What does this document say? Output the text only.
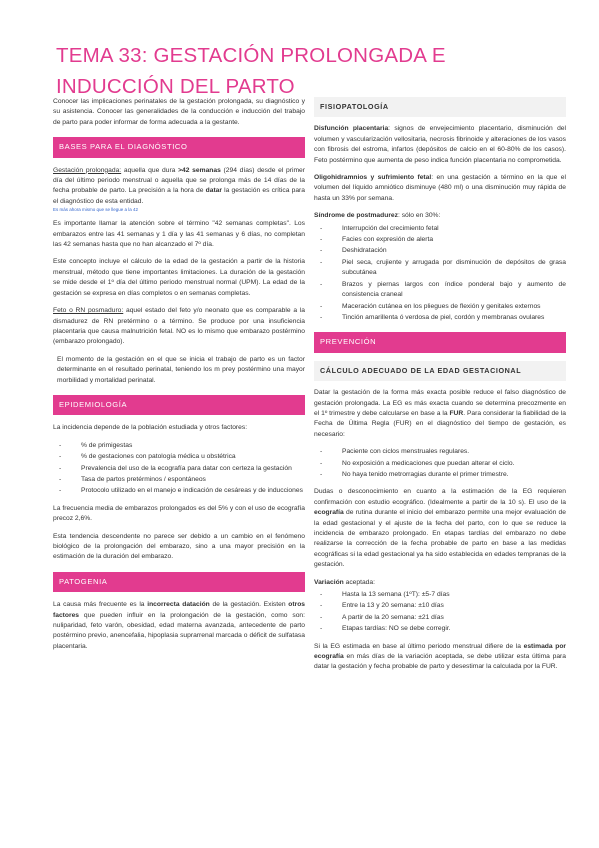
TEMA 33: GESTACIÓN PROLONGADA E INDUCCIÓN DEL PARTO

Conocer las implicaciones perinatales de la gestación prolongada, su diagnóstico y su asistencia. Conocer las generalidades de la conducción e inducción del trabajo de parto para poder informar de forma adecuada a la gestante.

BASES PARA EL DIAGNÓSTICO

Gestación prolongada: aquella que dura >42 semanas (294 días) desde el primer día del último periodo menstrual o aquella que se prolonga más de 14 días de la fecha probable de parto. La precisión a la hora de datar la gestación es crítica para el diagnóstico de esta entidad.

Es más ahora mismo que se llegue a la 42

Es importante llamar la atención sobre el término "42 semanas completas". Los embarazos entre las 41 semanas y 1 día y las 41 semanas y 6 días, no completan las 42 semanas hasta que no han alcanzado el 7º día.

Este concepto incluye el cálculo de la edad de la gestación a partir de la historia menstrual, método que tiene importantes limitaciones. La duración de la gestación se mide desde el 1º día del último periodo menstrual normal (UPM). La edad de la gestación se expresa en días completos o en semanas completas.

Feto o RN posmaduro: aquel estado del feto y/o neonato que es comparable a la dismadurez de RN pretérmino o a término. Se produce por una insuficiencia placentaria que causa malnutrición fetal. NO es lo mismo que embarazo postérmino (embarazo prolongado).

El momento de la gestación en el que se inicia el trabajo de parto es un factor determinante en el resultado perinatal, teniendo los m prey postérmino una mayor morbilidad y mortalidad perinatal.

EPIDEMIOLOGÍA

La incidencia depende de la población estudiada y otros factores:

- % de primigestas
- % de gestaciones con patología médica u obstétrica
- Prevalencia del uso de la ecografía para datar con certeza la gestación
- Tasa de partos pretérminos / espontáneos
- Protocolo utilizado en el manejo e indicación de cesáreas y de inducciones

La frecuencia media de embarazos prolongados es del 5% y con el uso de ecografía precoz 2,6%.

Esta tendencia descendente no parece ser debido a un cambio en el fenómeno biológico de la prolongación del embarazo, sino a una mayor precisión en la estimación de la duración del embarazo.

PATOGENIA

La causa más frecuente es la incorrecta datación de la gestación. Existen otros factores que pueden influir en la prolongación de la gestación, como son: nuliparidad, feto varón, obesidad, edad materna avanzada, antecedente de parto postérmino previo, anencefalia, hipoplasia suprarrenal marcada o déficit de sulfatasa placentaria.

FISIOPATOLOGÍA

Disfunción placentaria: signos de envejecimiento placentario, disminución del volumen y vascularización vellositaria, necrosis fibrinoide y alteraciones de los vasos con fibrosis del estroma, infartos (depósitos de calcio en el 60-80% de los casos). Feto postérmino que aumenta de peso indica función placentaria no comprometida.

Oligohidramnios y sufrimiento fetal: en una gestación a término en la que el volumen del líquido amniótico disminuye (480 ml) o una disminución muy rápida de hasta un 33% por semana.

Síndrome de postmadurez: sólo en 30%:

- Interrupción del crecimiento fetal
- Facies con expresión de alerta
- Deshidratación
- Piel seca, crujiente y arrugada por disminución de depósitos de grasa subcutánea
- Brazos y piernas largos con índice ponderal bajo y aumento de consistencia craneal
- Maceración cutánea en los pliegues de flexión y genitales externos
- Tinción amarillenta ó verdosa de piel, cordón y membranas ovulares
PREVENCIÓN
CÁLCULO ADECUADO DE LA EDAD GESTACIONAL

Datar la gestación de la forma más exacta posible reduce el falso diagnóstico de gestación prolongada. La EG es más exacta cuando se determina precozmente en el 1º trimestre y debe calcularse en base a la FUR. Para considerar la fiabilidad de la Fecha de Última Regla (FUR) en el diagnóstico del tiempo de gestación, es necesario:

- Paciente con ciclos menstruales regulares.
- No exposición a medicaciones que puedan alterar el ciclo.
- No haya tenido metrorragias durante el primer trimestre.

Dudas o desconocimiento en cuanto a la estimación de la EG requieren confirmación con estudio ecográfico. (Idealmente a partir de la 10 s). El uso de la ecografía de rutina durante el inicio del embarazo permite una mejor evaluación de la edad gestacional y el ajuste de la fecha del parto, con lo que se reduce la incidencia de embarazo prolongado. En etapas tardías del embarazo no debe realizarse la corrección de la fecha probable de parto en base a las medidas ecográficas si la edad gestacional ya ha sido establecida en edades tempranas de la gestación.

Variación aceptada:

- Hasta la 13 semana (1ºT): ±5-7 días
- Entre la 13 y 20 semana: ±10 días
- A partir de la 20 semana: ±21 días
- Etapas tardías: NO se debe corregir.

Si la EG estimada en base al último periodo menstrual difiere de la estimada por ecografía en más días de la variación aceptada, se debe utilizar esta última para datar la gestación y fecha probable de parto y desestimar la calculada por la FUR.
